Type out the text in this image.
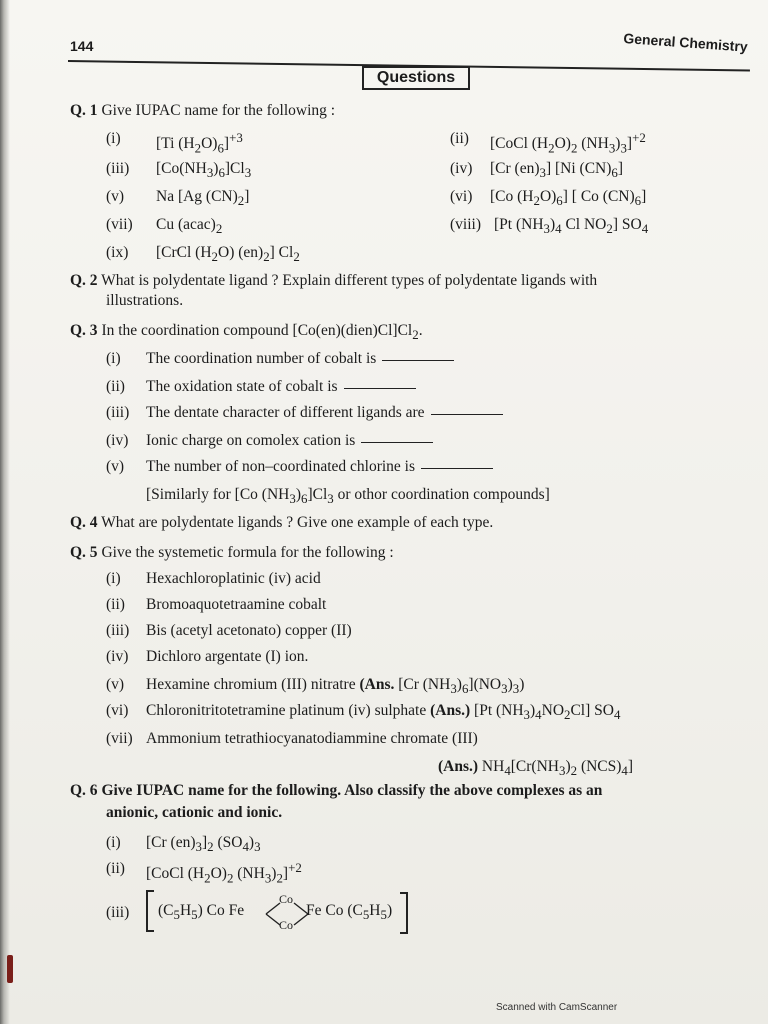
144	General Chemistry
Questions
Q. 1 Give IUPAC name for the following :
(i) [Ti $(H_2O)_6]^{+3}$	(ii) [CoCl $(H_2O)_2$ $(NH_3)_3]^{+2}$
(iii) $[Co(NH_3)_6]Cl_3$	(iv) [Cr $(en)_3$] [Ni $(CN)_6$]
(v) Na [Ag $(CN)_2$]	(vi) [Co $(H_2O)_6$] [ Co $(CN)_6$]
(vii) Cu $(acac)_2$	(viii) [Pt $(NH_3)_4$ Cl $NO_2$] $SO_4$
(ix) [CrCl $(H_2O)$ $(en)_2$] $Cl_2$
Q. 2 What is polydentate ligand ? Explain different types of polydentate ligands with
illustrations.
Q. 3 In the coordination compound $[Co(en)(dien)Cl]Cl_2$.
(i) The coordination number of cobalt is
(ii) The oxidation state of cobalt is
(iii) The dentate character of different ligands are
(iv) Ionic charge on comolex cation is
(v) The number of non–coordinated chlorine is
[Similarly for [Co $(NH_3)_6]Cl_3$ or othor coordination compounds]
Q. 4 What are polydentate ligands ? Give one example of each type.
Q. 5 Give the systemetic formula for the following :
(i) Hexachloroplatinic (iv) acid
(ii) Bromoaquotetraamine cobalt
(iii) Bis (acetyl acetonato) copper (II)
(iv) Dichloro argentate (I) ion.
(v) Hexamine chromium (III) nitratre (Ans. [Cr $(NH_3)_6](NO_3)_3$)
(vi) Chloronitritotetramine platinum (iv) sulphate (Ans.) [Pt $(NH_3)_4NO_2Cl$] $SO_4$
(vii) Ammonium tetrathiocyanatodiammine chromate (III)
(Ans.) $NH_4[Cr(NH_3)_2$ $(NCS)_4$]
Q. 6 Give IUPAC name for the following. Also classify the above complexes as an
anionic, cationic and ionic.
(i) [Cr $(en)_3]_2$ $(SO_4)_3$
(ii) [CoCl $(H_2O)_2$ $(NH_3)_2]^{+2}$
(iii) $(C_5H_5)$ Co Fe
Co
Co
Fe Co $(C_5H_5)$
Scanned with CamScanner
